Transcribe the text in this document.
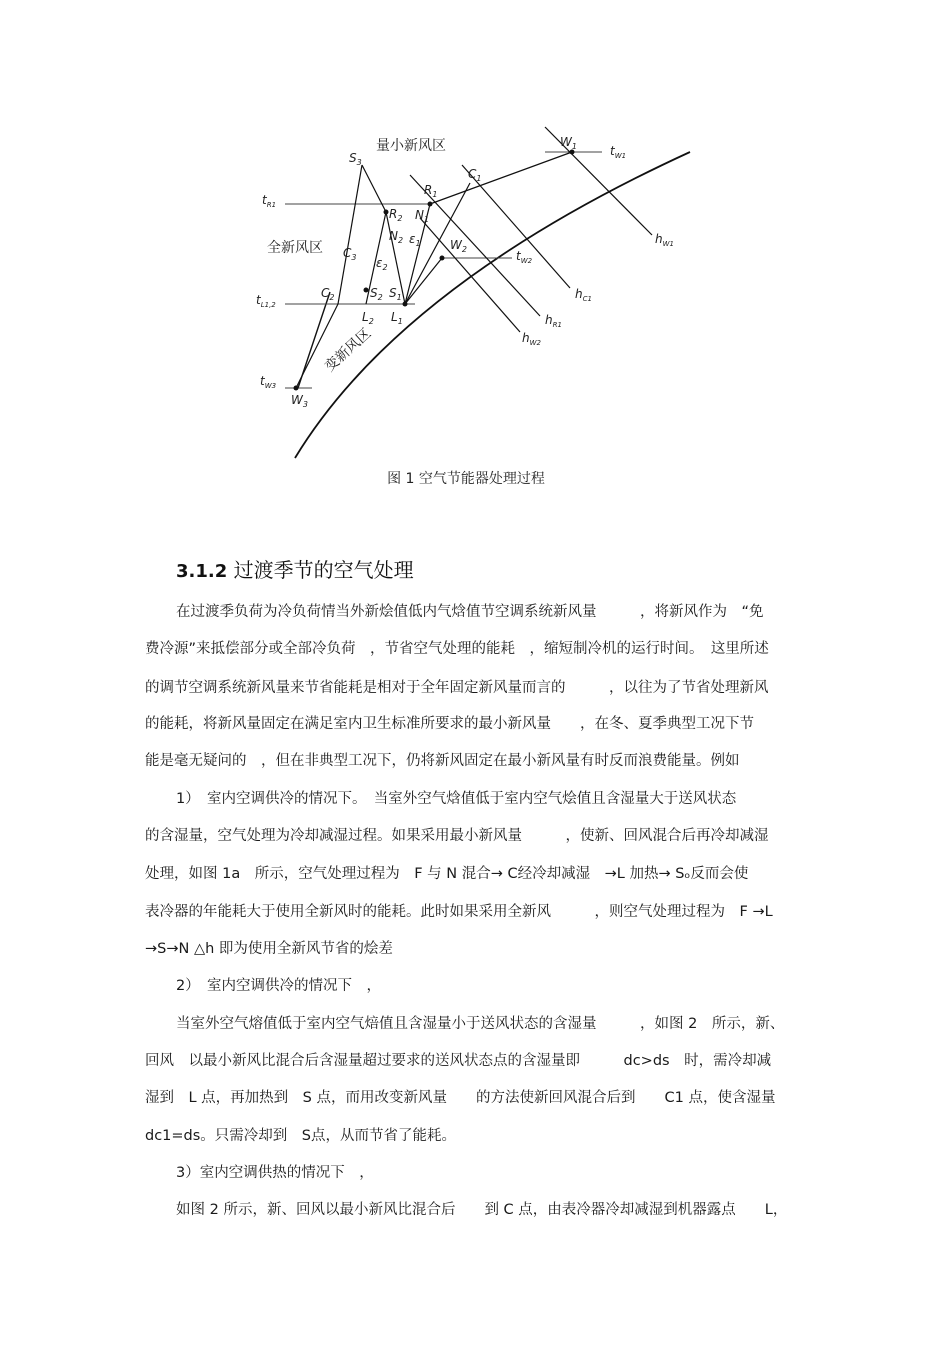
量小新风区
全新风区
变新风区
$W_1$
$C_1$
$R_1$
$N_1$
$S_3$
$R_2$
$N_2$
$C_3$ $\varepsilon_2$
$\varepsilon_1$ $W_2$
$C_2$	$S_2$ $S_1$
$L_2$ $L_1$
$W_3$
$t_{W1}$
$t_{R1}$
$t_{L1,2}$
$t_{W2}$
$t_{W3}$
$h_{W1}$
$h_{C1}$
$h_{R1}$
$h_{W2}$
图 1 空气节能器处理过程
3.1.2 过渡季节的空气处理
在过渡季负荷为冷负荷情当外新烩值低内气焓值节空调系统新风量　　　，将新风作为　“免
费冷源”来抵偿部分或全部冷负荷　，节省空气处理的能耗　，缩短制冷机的运行时间。　这里所述
的调节空调系统新风量来节省能耗是相对于全年固定新风量而言的　　　，以往为了节省处理新风
的能耗，将新风量固定在满足室内卫生标准所要求的最小新风量　　，在冬、夏季典型工况下节
能是毫无疑问的　，但在非典型工况下，仍将新风固定在最小新风量有时反而浪费能量。例如
1）　室内空调供冷的情况下。　当室外空气焓值低于室内空气烩值且含湿量大于送风状态
的含湿量，空气处理为冷却减湿过程。如果采用最小新风量　　　，使新、回风混合后再冷却减湿
处理，如图 1a　所示，空气处理过程为　F 与 N 混合→ C经冷却减湿　→L 加热→ Sₒ反而会使
表冷器的年能耗大于使用全新风时的能耗。此时如果采用全新风　　　，则空气处理过程为　F →L
→S→N △h 即为使用全新风节省的烩差
2）　室内空调供冷的情况下　，
当室外空气熔值低于室内空气焙值且含湿量小于送风状态的含湿量　　　，如图 2　所示，新、
回风　以最小新风比混合后含湿量超过要求的送风状态点的含湿量即　　　dc>ds　时，需冷却减
湿到　L 点，再加热到　S 点，而用改变新风量　　的方法使新回风混合后到　　C1 点，使含湿量
dc1=ds。只需冷却到　S点，从而节省了能耗。
3）室内空调供热的情况下　，
如图 2 所示，新、回风以最小新风比混合后　　到 C 点，由表冷器冷却减湿到机器露点　　L，
